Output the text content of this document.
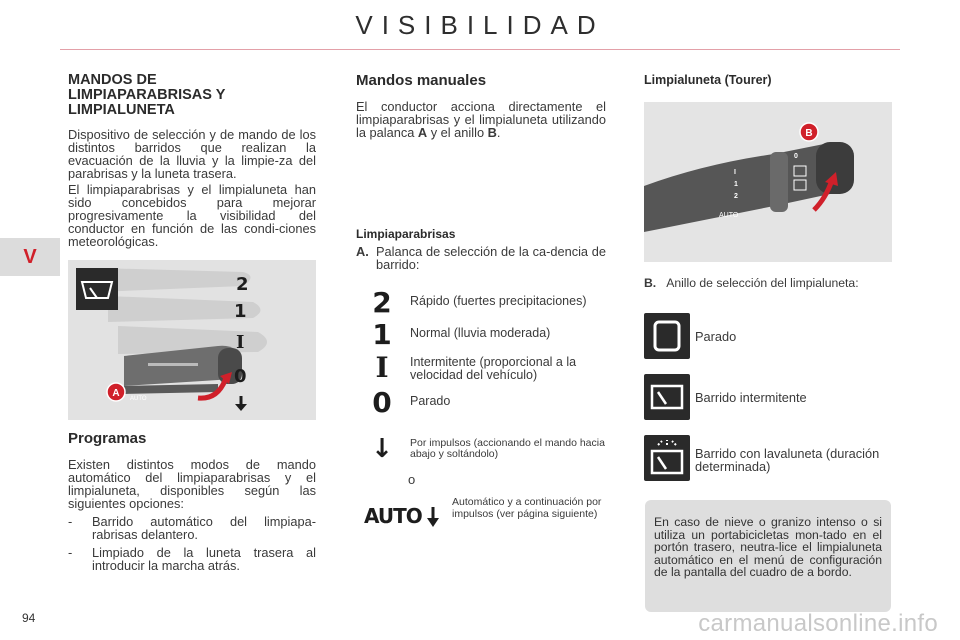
VISIBILIDAD
V
MANDOS DE
LIMPIAPARABRISAS Y
LIMPIALUNETA

Dispositivo de selección y de mando de los distintos barridos que realizan la evacuación de la lluvia y la limpie-za del parabrisas y la luneta trasera.

El limpiaparabrisas y el limpialuneta han sido concebidos para mejorar progresivamente la visibilidad del conductor en función de las condi-ciones meteorológicas.

AUTO
A
2
1
I
0
Programas

Existen distintos modos de mando automático del limpiaparabrisas y el limpialuneta, disponibles según las siguientes opciones:

- Barrido automático del limpiapa-rabrisas delantero.
- Limpiado de la luneta trasera al introducir la marcha atrás.
Mandos manuales

El conductor acciona directamente el limpiaparabrisas y el limpialuneta utilizando la palanca A y el anillo B.

Limpiaparabrisas

A. Palanca de selección de la ca-dencia de barrido:

2 Rápido (fuertes precipitaciones)
1 Normal (lluvia moderada)
I	Intermitente (proporcional a la velocidad del vehículo)
0 Parado
↓ Por impulsos (accionando el mando hacia abajo y soltándolo)
o
AUTO
Automático y a continuación por impulsos (ver página siguiente)
Limpialuneta (Tourer)
AUTO
0
I
1
2
B

B. Anillo de selección del limpialuneta:

Parado
Barrido intermitente
Barrido con lavaluneta (duración determinada)

En caso de nieve o granizo intenso o si utiliza un portabicicletas mon-tado en el portón trasero, neutra-lice el limpialuneta automático en el menú de configuración de la pantalla del cuadro de a bordo.

94	carmanualsonline.info
